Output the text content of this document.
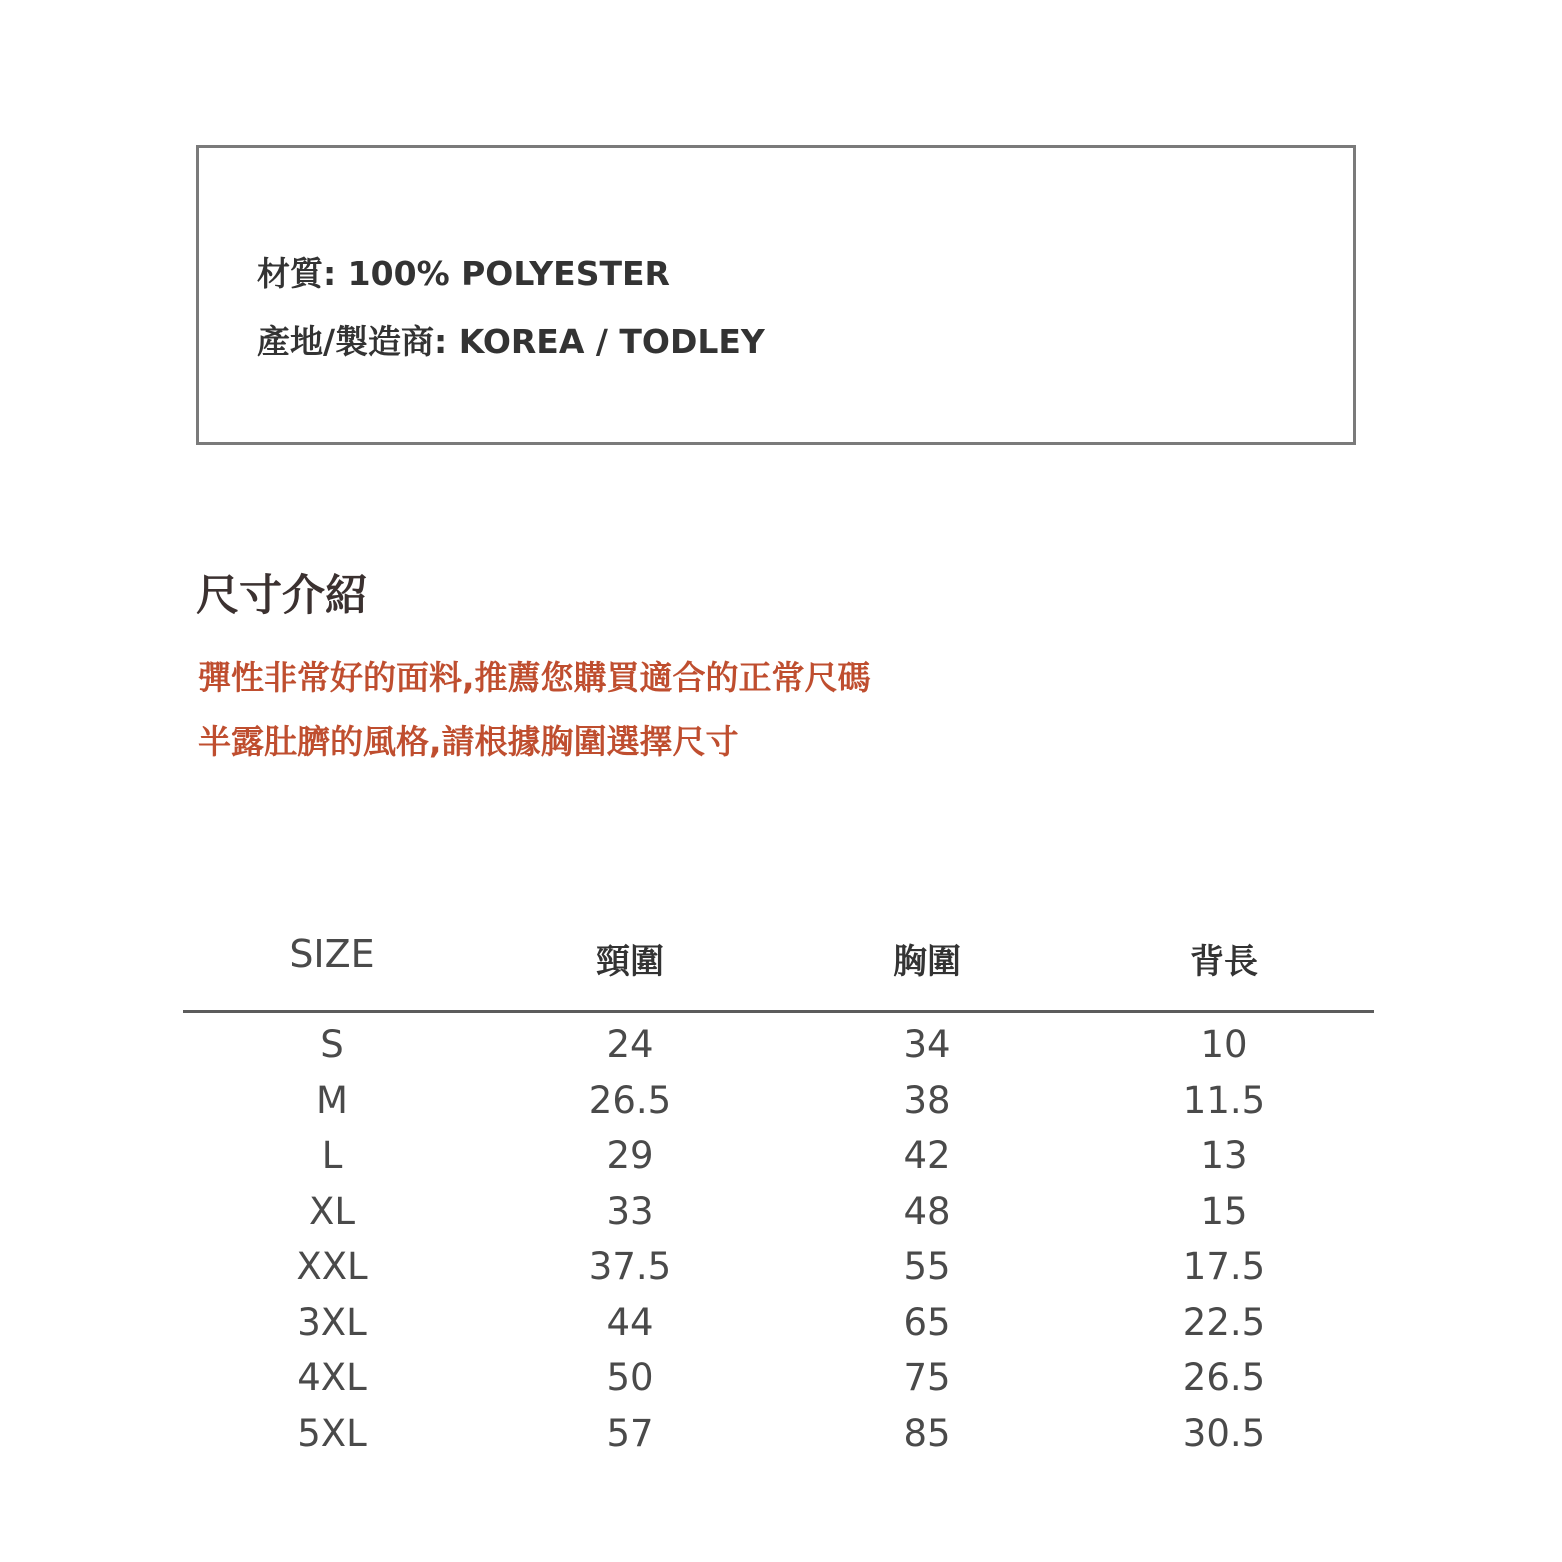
材質: 100% POLYESTER
產地/製造商: KOREA / TODLEY
尺寸介紹
彈性非常好的面料,推薦您購買適合的正常尺碼
半露肚臍的風格,請根據胸圍選擇尺寸
SIZE	頸圍	胸圍	背長
S	24	34	10
M	26.5	38	11.5
L	29	42	13
XL	33	48	15
XXL	37.5	55	17.5
3XL	44	65	22.5
4XL	50	75	26.5
5XL	57	85	30.5
